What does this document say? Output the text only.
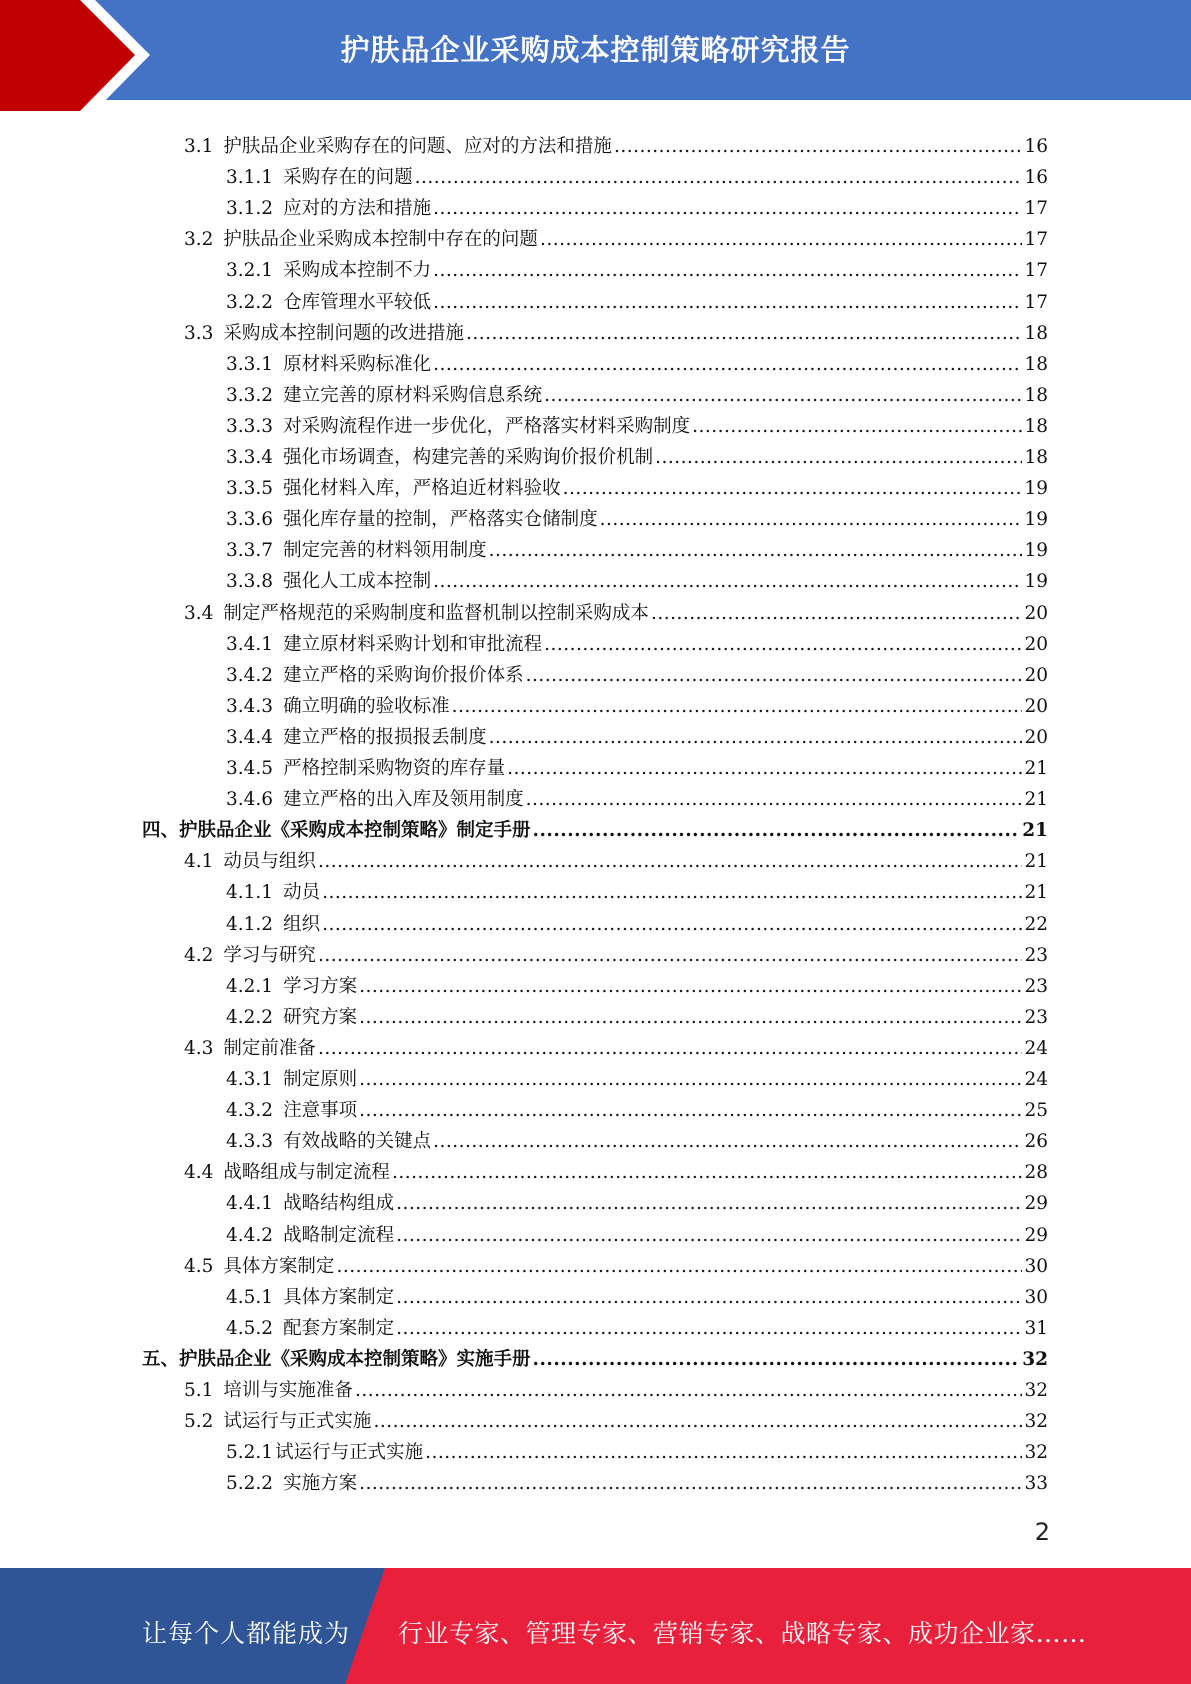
护肤品企业采购成本控制策略研究报告
3.1 护肤品企业采购存在的问题、应对的方法和措施 .....	16
3.1.1 采购存在的问题 .....	16
3.1.2 应对的方法和措施 .....	17
3.2 护肤品企业采购成本控制中存在的问题 .....	17
3.2.1 采购成本控制不力 .....	17
3.2.2 仓库管理水平较低 .....	17
3.3 采购成本控制问题的改进措施 .....	18
3.3.1 原材料采购标准化 .....	18
3.3.2 建立完善的原材料采购信息系统 .....	18
3.3.3 对采购流程作进一步优化，严格落实材料采购制度 .....	18
3.3.4 强化市场调查，构建完善的采购询价报价机制 .....	18
3.3.5 强化材料入库，严格迫近材料验收 .....	19
3.3.6 强化库存量的控制，严格落实仓储制度 .....	19
3.3.7 制定完善的材料领用制度 .....	19
3.3.8 强化人工成本控制 .....	19
3.4 制定严格规范的采购制度和监督机制以控制采购成本 .....	20
3.4.1 建立原材料采购计划和审批流程 .....	20
3.4.2 建立严格的采购询价报价体系 .....	20
3.4.3 确立明确的验收标准 .....	20
3.4.4 建立严格的报损报丢制度 .....	20
3.4.5 严格控制采购物资的库存量 .....	21
3.4.6 建立严格的出入库及领用制度 .....	21
四、 护肤品企业《采购成本控制策略》制定手册 .....	21
4.1 动员与组织 .....	21
4.1.1 动员 .....	21
4.1.2 组织 .....	22
4.2 学习与研究 .....	23
4.2.1 学习方案 .....	23
4.2.2 研究方案 .....	23
4.3 制定前准备 .....	24
4.3.1 制定原则 .....	24
4.3.2 注意事项 .....	25
4.3.3 有效战略的关键点 .....	26
4.4 战略组成与制定流程 .....	28
4.4.1 战略结构组成 .....	29
4.4.2 战略制定流程 .....	29
4.5 具体方案制定 .....	30
4.5.1 具体方案制定 .....	30
4.5.2 配套方案制定 .....	31
五、 护肤品企业《采购成本控制策略》实施手册 .....	32
5.1 培训与实施准备 .....	32
5.2 试运行与正式实施 .....	32
5.2.1 试运行与正式实施 .....	32
5.2.2 实施方案 .....	33
2
让每个人都能成为 行业专家、管理专家、营销专家、战略专家、成功企业家……
